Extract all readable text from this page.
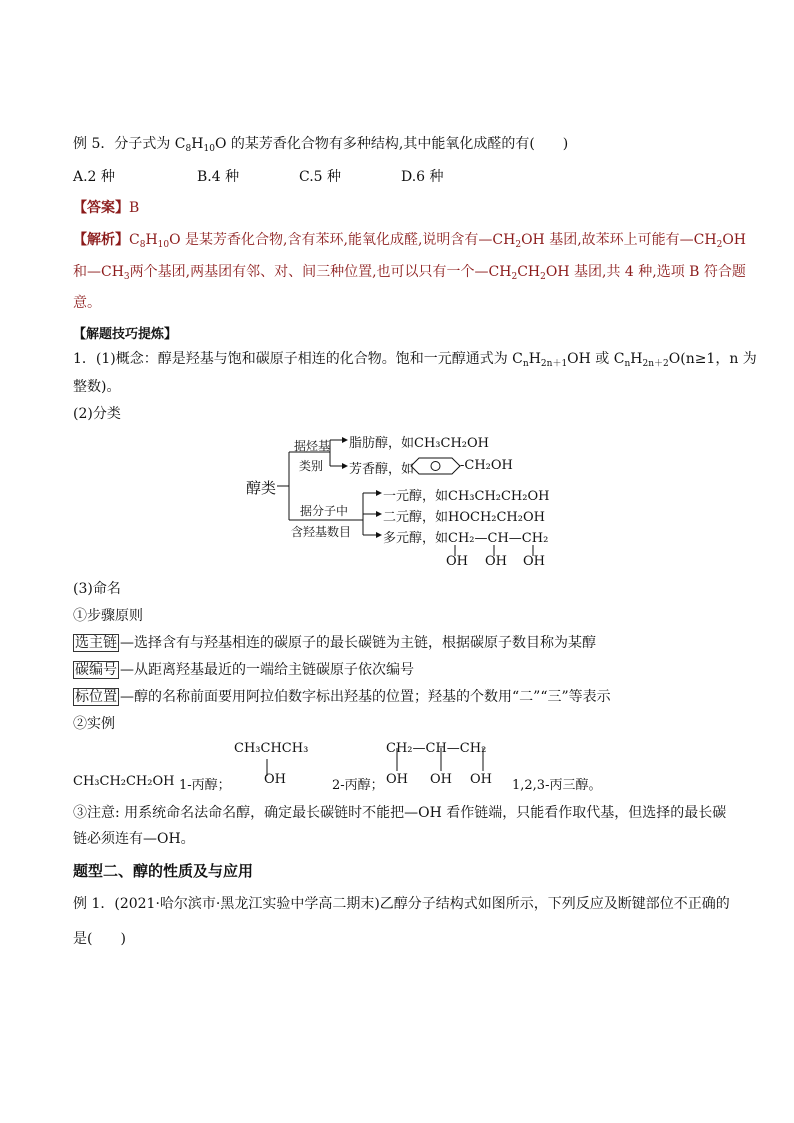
例 5．分子式为 $C_8H_{10}O$ 的某芳香化合物有多种结构,其中能氧化成醛的有(　　)
A.2 种	B.4 种	C.5 种	D.6 种
【答案】B
【解析】$C_8H_{10}O$ 是某芳香化合物,含有苯环,能氧化成醛,说明含有$—CH_2OH$ 基团,故苯环上可能有$—CH_2OH$
和$—CH_3$两个基团,两基团有邻、对、间三种位置,也可以只有一个$—CH_2CH_2OH$ 基团,共 4 种,选项 B 符合题
意。
【解题技巧提炼】
1．(1)概念：醇是羟基与饱和碳原子相连的化合物。饱和一元醇通式为 $C_nH_{2n+1}OH$ 或 $C_nH_{2n+2}O(n\ge 1$，n 为
整数)。
(2)分类
醇类
据烃基
类别
脂肪醇，如CH₃CH₂OH
芳香醇，如	-CH₂OH
据分子中
含羟基数目
一元醇，如CH₃CH₂CH₂OH
二元醇，如HOCH₂CH₂OH
多元醇，如CH₂—CH—CH₂
OH OH OH
(3)命名
①步骤原则
选主链 —选择含有与羟基相连的碳原子的最长碳链为主链，根据碳原子数目称为某醇
碳编号 —从距离羟基最近的一端给主链碳原子依次编号
标位置 —醇的名称前面要用阿拉伯数字标出羟基的位置；羟基的个数用“二”“三”等表示
②实例
CH₃CH₂CH₂OH 1-丙醇；
CH₃CHCH₃
OH	2-丙醇；
CH₂—CH—CH₂
OH OH OH 1,2,3-丙三醇。
③注意: 用系统命名法命名醇，确定最长碳链时不能把—OH 看作链端，只能看作取代基，但选择的最长碳
链必须连有—OH。
题型二、醇的性质及与应用
例 1．(2021·哈尔滨市·黑龙江实验中学高二期末)乙醇分子结构式如图所示，下列反应及断键部位不正确的
是(　　)
